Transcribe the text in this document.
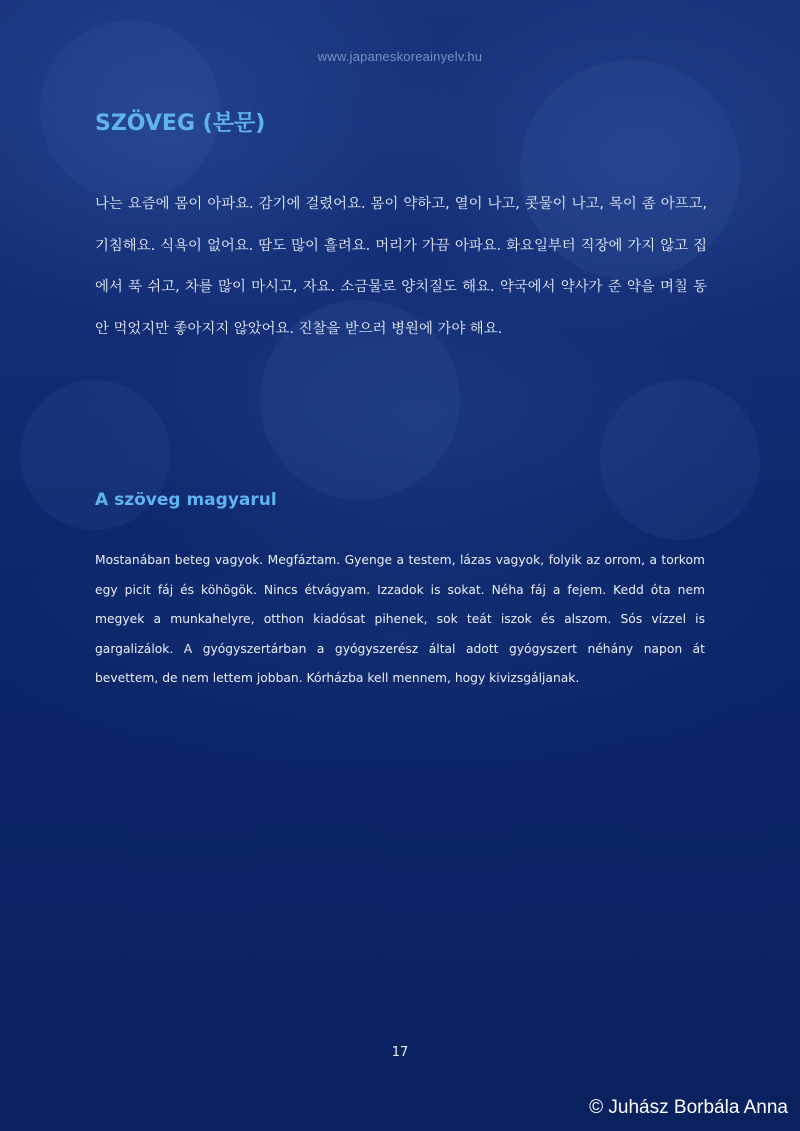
www.japaneskoreainyelv.hu
SZÖVEG (본문)

나는 요즘에 몸이 아파요. 감기에 걸렸어요. 몸이 약하고, 열이 나고, 콧물이 나고, 목이 좀 아프고, 기침해요. 식욕이 없어요. 땀도 많이 흘려요. 머리가 가끔 아파요. 화요일부터 직장에 가지 않고 집에서 푹 쉬고, 차를 많이 마시고, 자요. 소금물로 양치질도 해요. 약국에서 약사가 준 약을 며칠 동안 먹었지만 좋아지지 않았어요. 진찰을 받으러 병원에 가야 해요.

A szöveg magyarul

Mostanában beteg vagyok. Megfáztam. Gyenge a testem, lázas vagyok, folyik az orrom, a torkom egy picit fáj és köhögök. Nincs étvágyam. Izzadok is sokat. Néha fáj a fejem. Kedd óta nem megyek a munkahelyre, otthon kiadósat pihenek, sok teát iszok és alszom. Sós vízzel is gargalizálok. A gyógyszertárban a gyógyszerész által adott gyógyszert néhány napon át bevettem, de nem lettem jobban. Kórházba kell mennem, hogy kivizsgáljanak.

17
© Juhász Borbála Anna
